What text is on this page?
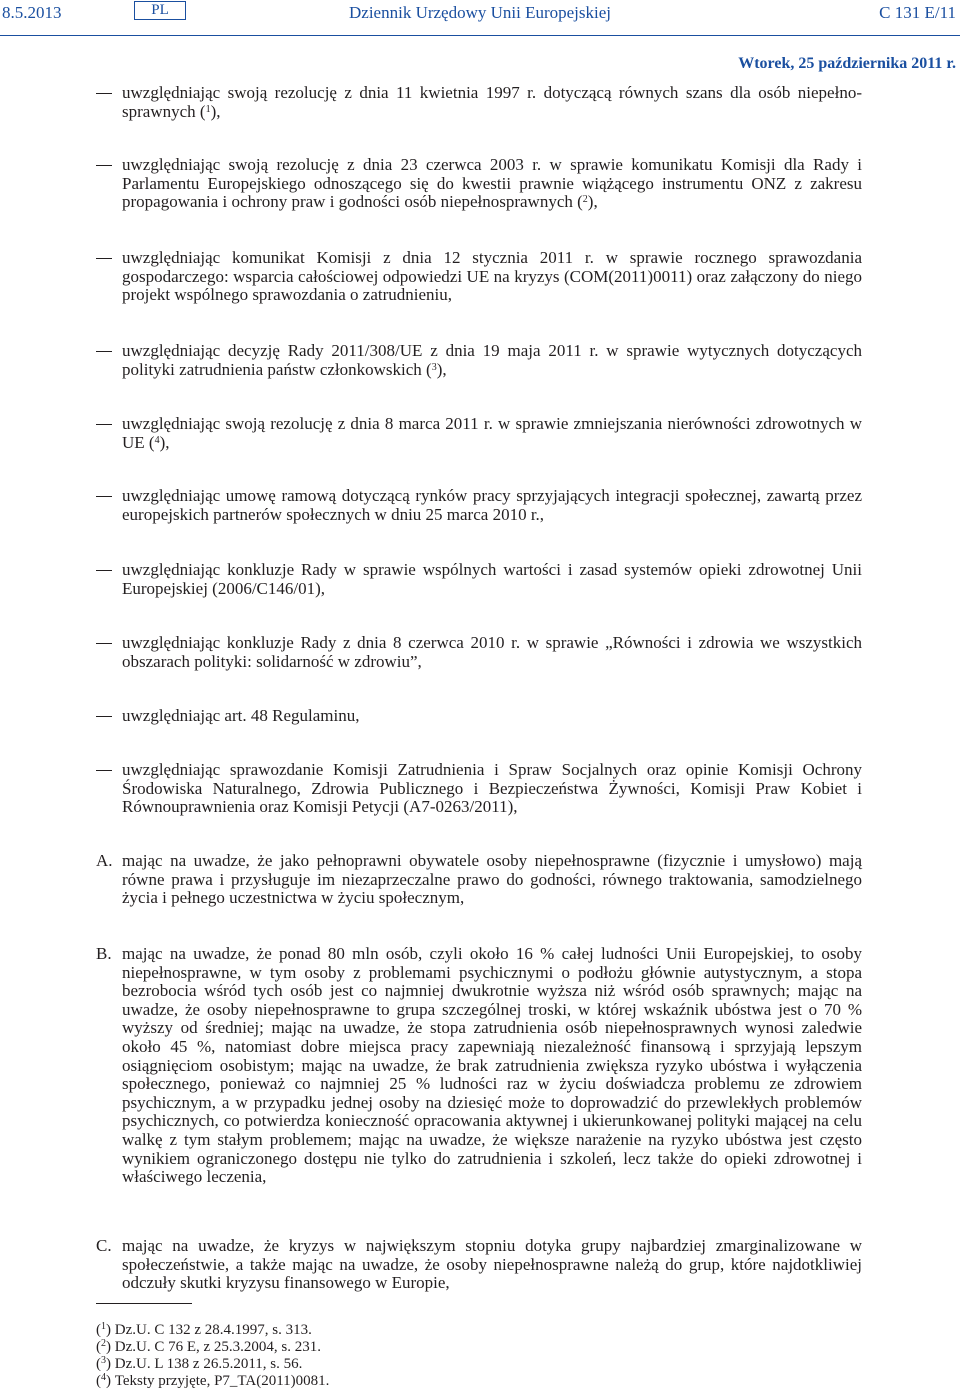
8.5.2013	PL	Dziennik Urzędowy Unii Europejskiej	C 131 E/11
Wtorek, 25 października 2011 r.
uwzględniając swoją rezolucję z dnia 11 kwietnia 1997 r. dotyczącą równych szans dla osób niepełnosprawnych ($^1$),
uwzględniając swoją rezolucję z dnia 23 czerwca 2003 r. w sprawie komunikatu Komisji dla Rady i Parlamentu Europejskiego odnoszącego się do kwestii prawnie wiążącego instrumentu ONZ z zakresu propagowania i ochrony praw i godności osób niepełnosprawnych ($^2$),
uwzględniając komunikat Komisji z dnia 12 stycznia 2011 r. w sprawie rocznego sprawozdania gospodarczego: wsparcia całościowej odpowiedzi UE na kryzys (COM(2011)0011) oraz załączony do niego projekt wspólnego sprawozdania o zatrudnieniu,
uwzględniając decyzję Rady 2011/308/UE z dnia 19 maja 2011 r. w sprawie wytycznych dotyczących polityki zatrudnienia państw członkowskich ($^3$),
uwzględniając swoją rezolucję z dnia 8 marca 2011 r. w sprawie zmniejszania nierówności zdrowotnych w UE ($^4$),
uwzględniając umowę ramową dotyczącą rynków pracy sprzyjających integracji społecznej, zawartą przez europejskich partnerów społecznych w dniu 25 marca 2010 r.,
uwzględniając konkluzje Rady w sprawie wspólnych wartości i zasad systemów opieki zdrowotnej Unii Europejskiej (2006/C146/01),
uwzględniając konkluzje Rady z dnia 8 czerwca 2010 r. w sprawie „Równości i zdrowia we wszystkich obszarach polityki: solidarność w zdrowiu”,
uwzględniając art. 48 Regulaminu,
uwzględniając sprawozdanie Komisji Zatrudnienia i Spraw Socjalnych oraz opinie Komisji Ochrony Środowiska Naturalnego, Zdrowia Publicznego i Bezpieczeństwa Żywności, Komisji Praw Kobiet i Równouprawnienia oraz Komisji Petycji (A7-0263/2011),
A. mając na uwadze, że jako pełnoprawni obywatele osoby niepełnosprawne (fizycznie i umysłowo) mają równe prawa i przysługuje im niezaprzeczalne prawo do godności, równego traktowania, samodzielnego życia i pełnego uczestnictwa w życiu społecznym,
B. mając na uwadze, że ponad 80 mln osób, czyli około 16 % całej ludności Unii Europejskiej, to osoby niepełnosprawne, w tym osoby z problemami psychicznymi o podłożu głównie autystycznym, a stopa bezrobocia wśród tych osób jest co najmniej dwukrotnie wyższa niż wśród osób sprawnych; mając na uwadze, że osoby niepełnosprawne to grupa szczególnej troski, w której wskaźnik ubóstwa jest o 70 % wyższy od średniej; mając na uwadze, że stopa zatrudnienia osób niepełnosprawnych wynosi zaledwie około 45 %, natomiast dobre miejsca pracy zapewniają niezależność finansową i sprzyjają lepszym osiągnięciom osobistym; mając na uwadze, że brak zatrudnienia zwiększa ryzyko ubóstwa i wyłączenia społecznego, ponieważ co najmniej 25 % ludności raz w życiu doświadcza problemu ze zdrowiem psychicznym, a w przypadku jednej osoby na dziesięć może to doprowadzić do przewlekłych problemów psychicznych, co potwierdza konieczność opracowania aktywnej i ukierunkowanej polityki mającej na celu walkę z tym stałym problemem; mając na uwadze, że większe narażenie na ryzyko ubóstwa jest często wynikiem ograniczonego dostępu nie tylko do zatrudnienia i szkoleń, lecz także do opieki zdrowotnej i właściwego leczenia,
C. mając na uwadze, że kryzys w największym stopniu dotyka grupy najbardziej zmarginalizowane w społeczeństwie, a także mając na uwadze, że osoby niepełnosprawne należą do grup, które najdotkliwiej odczuły skutki kryzysu finansowego w Europie,
($^1$) Dz.U. C 132 z 28.4.1997, s. 313.
($^2$) Dz.U. C 76 E, z 25.3.2004, s. 231.
($^3$) Dz.U. L 138 z 26.5.2011, s. 56.
($^4$) Teksty przyjęte, P7_TA(2011)0081.
